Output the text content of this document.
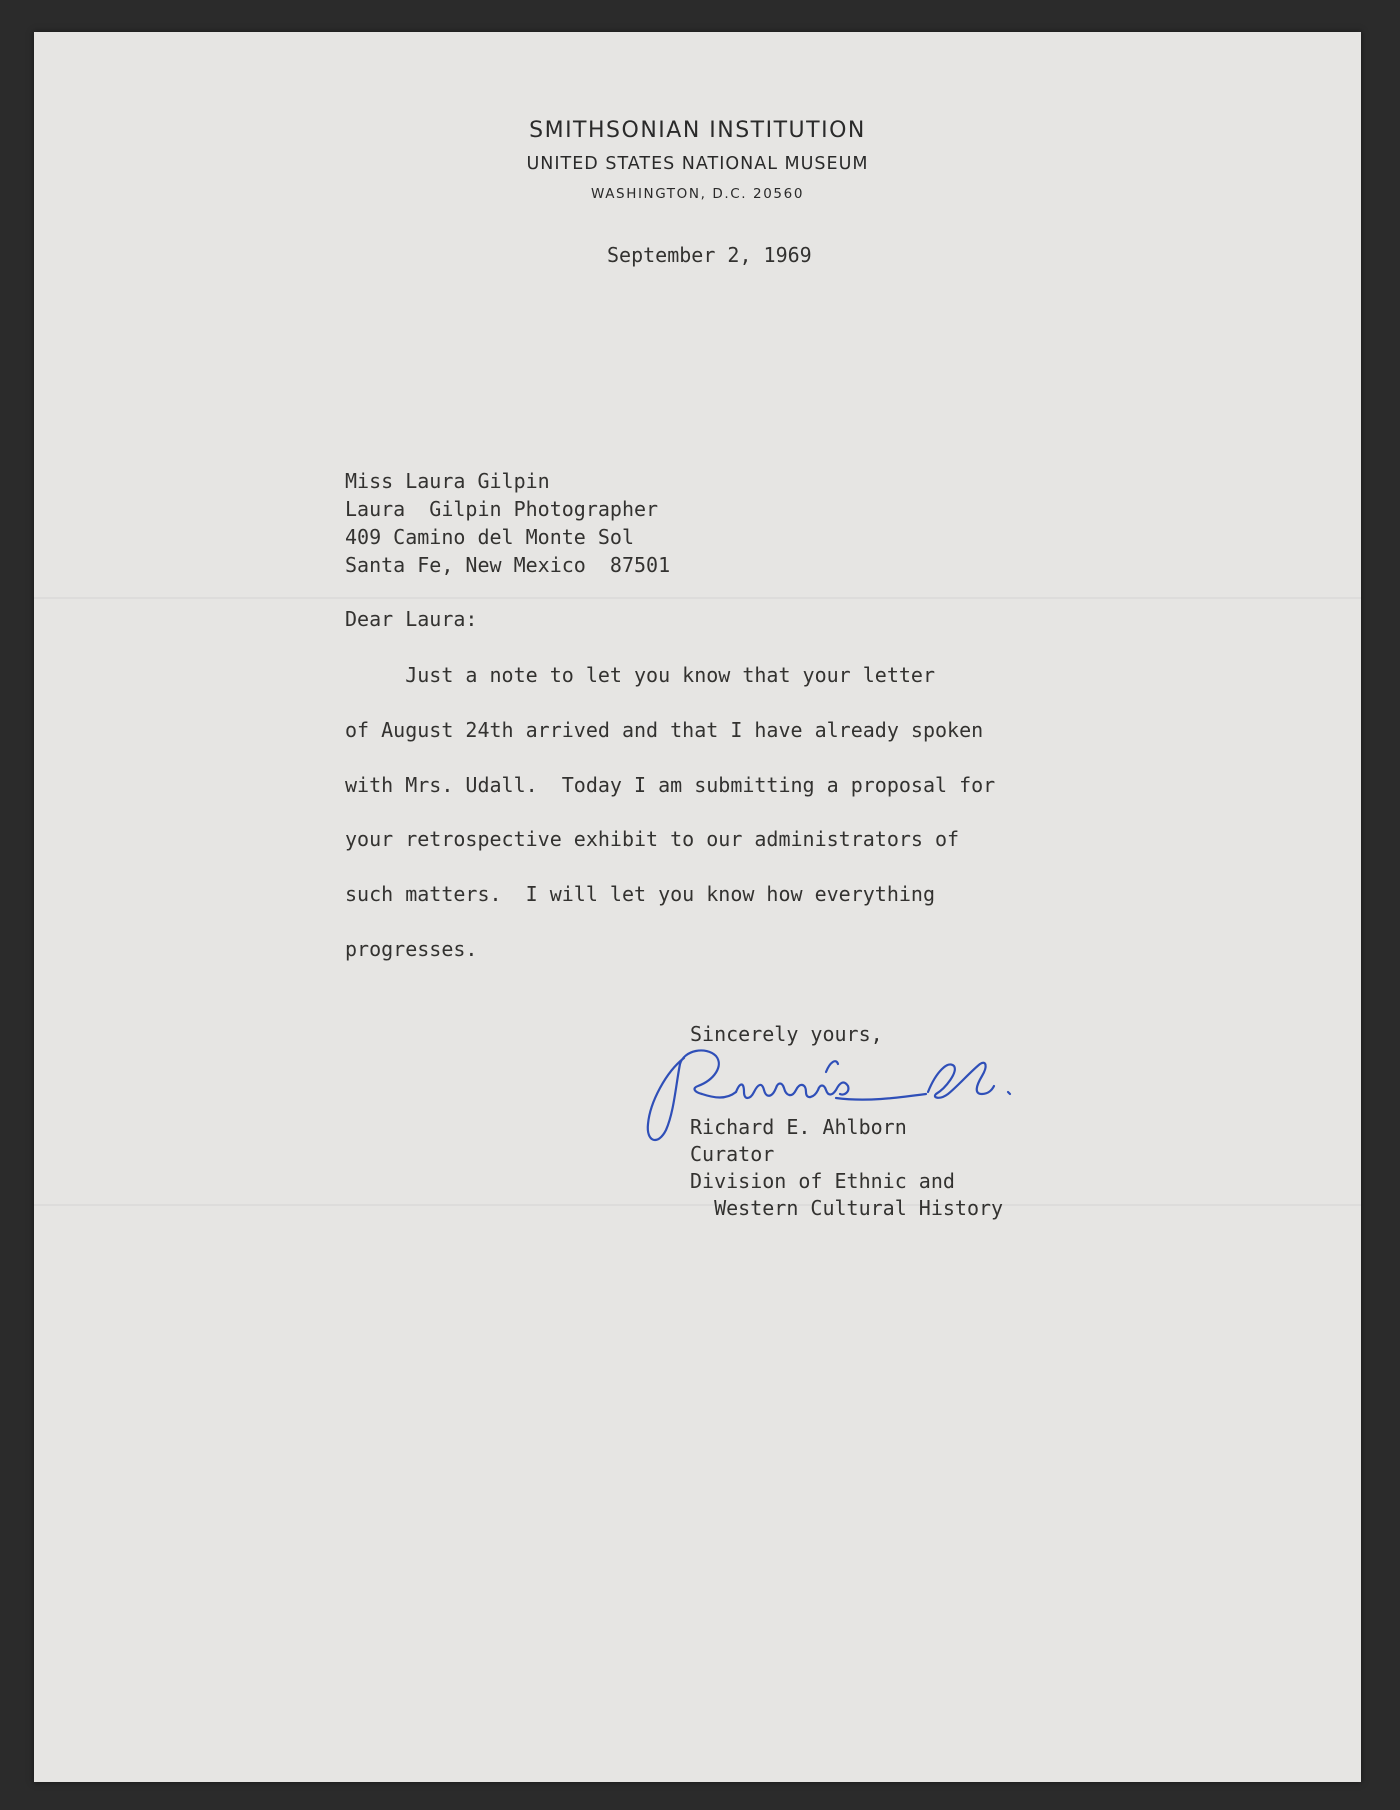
SMITHSONIAN INSTITUTION
UNITED STATES NATIONAL MUSEUM
WASHINGTON, D.C. 20560

September 2, 1969

Miss Laura Gilpin

Laura  Gilpin Photographer

409 Camino del Monte Sol

Santa Fe, New Mexico  87501

Dear Laura:

Just a note to let you know that your letter

of August 24th arrived and that I have already spoken

with Mrs. Udall.  Today I am submitting a proposal for

your retrospective exhibit to our administrators of

such matters.  I will let you know how everything

progresses.

Sincerely yours,

Richard E. Ahlborn

Curator

Division of Ethnic and

Western Cultural History
